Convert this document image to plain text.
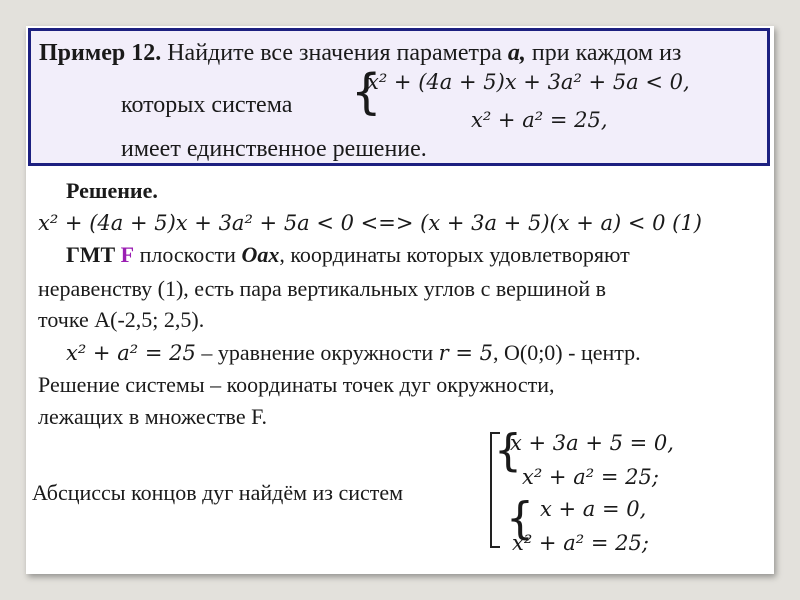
Пример 12. Найдите все значения параметра а, при каждом из
которых система {
x² + (4a + 5)x + 3a² + 5a < 0,
x² + a² = 25,
имеет единственное решение.
Решение.
x² + (4a + 5)x + 3a² + 5a < 0 <=> (x + 3a + 5)(x + a) < 0 (1)
ГМТ F плоскости Oax, координаты которых удовлетворяют
неравенству (1), есть пара вертикальных углов с вершиной в
точке A(-2,5; 2,5).
x² + a² = 25 – уравнение окружности r = 5, O(0;0) - центр.
Решение системы – координаты точек дуг окружности,
лежащих в множестве F.
Абсциссы концов дуг найдём из систем
{
x + 3a + 5 = 0,
x² + a² = 25;
{ x + a = 0,
x² + a² = 25;
